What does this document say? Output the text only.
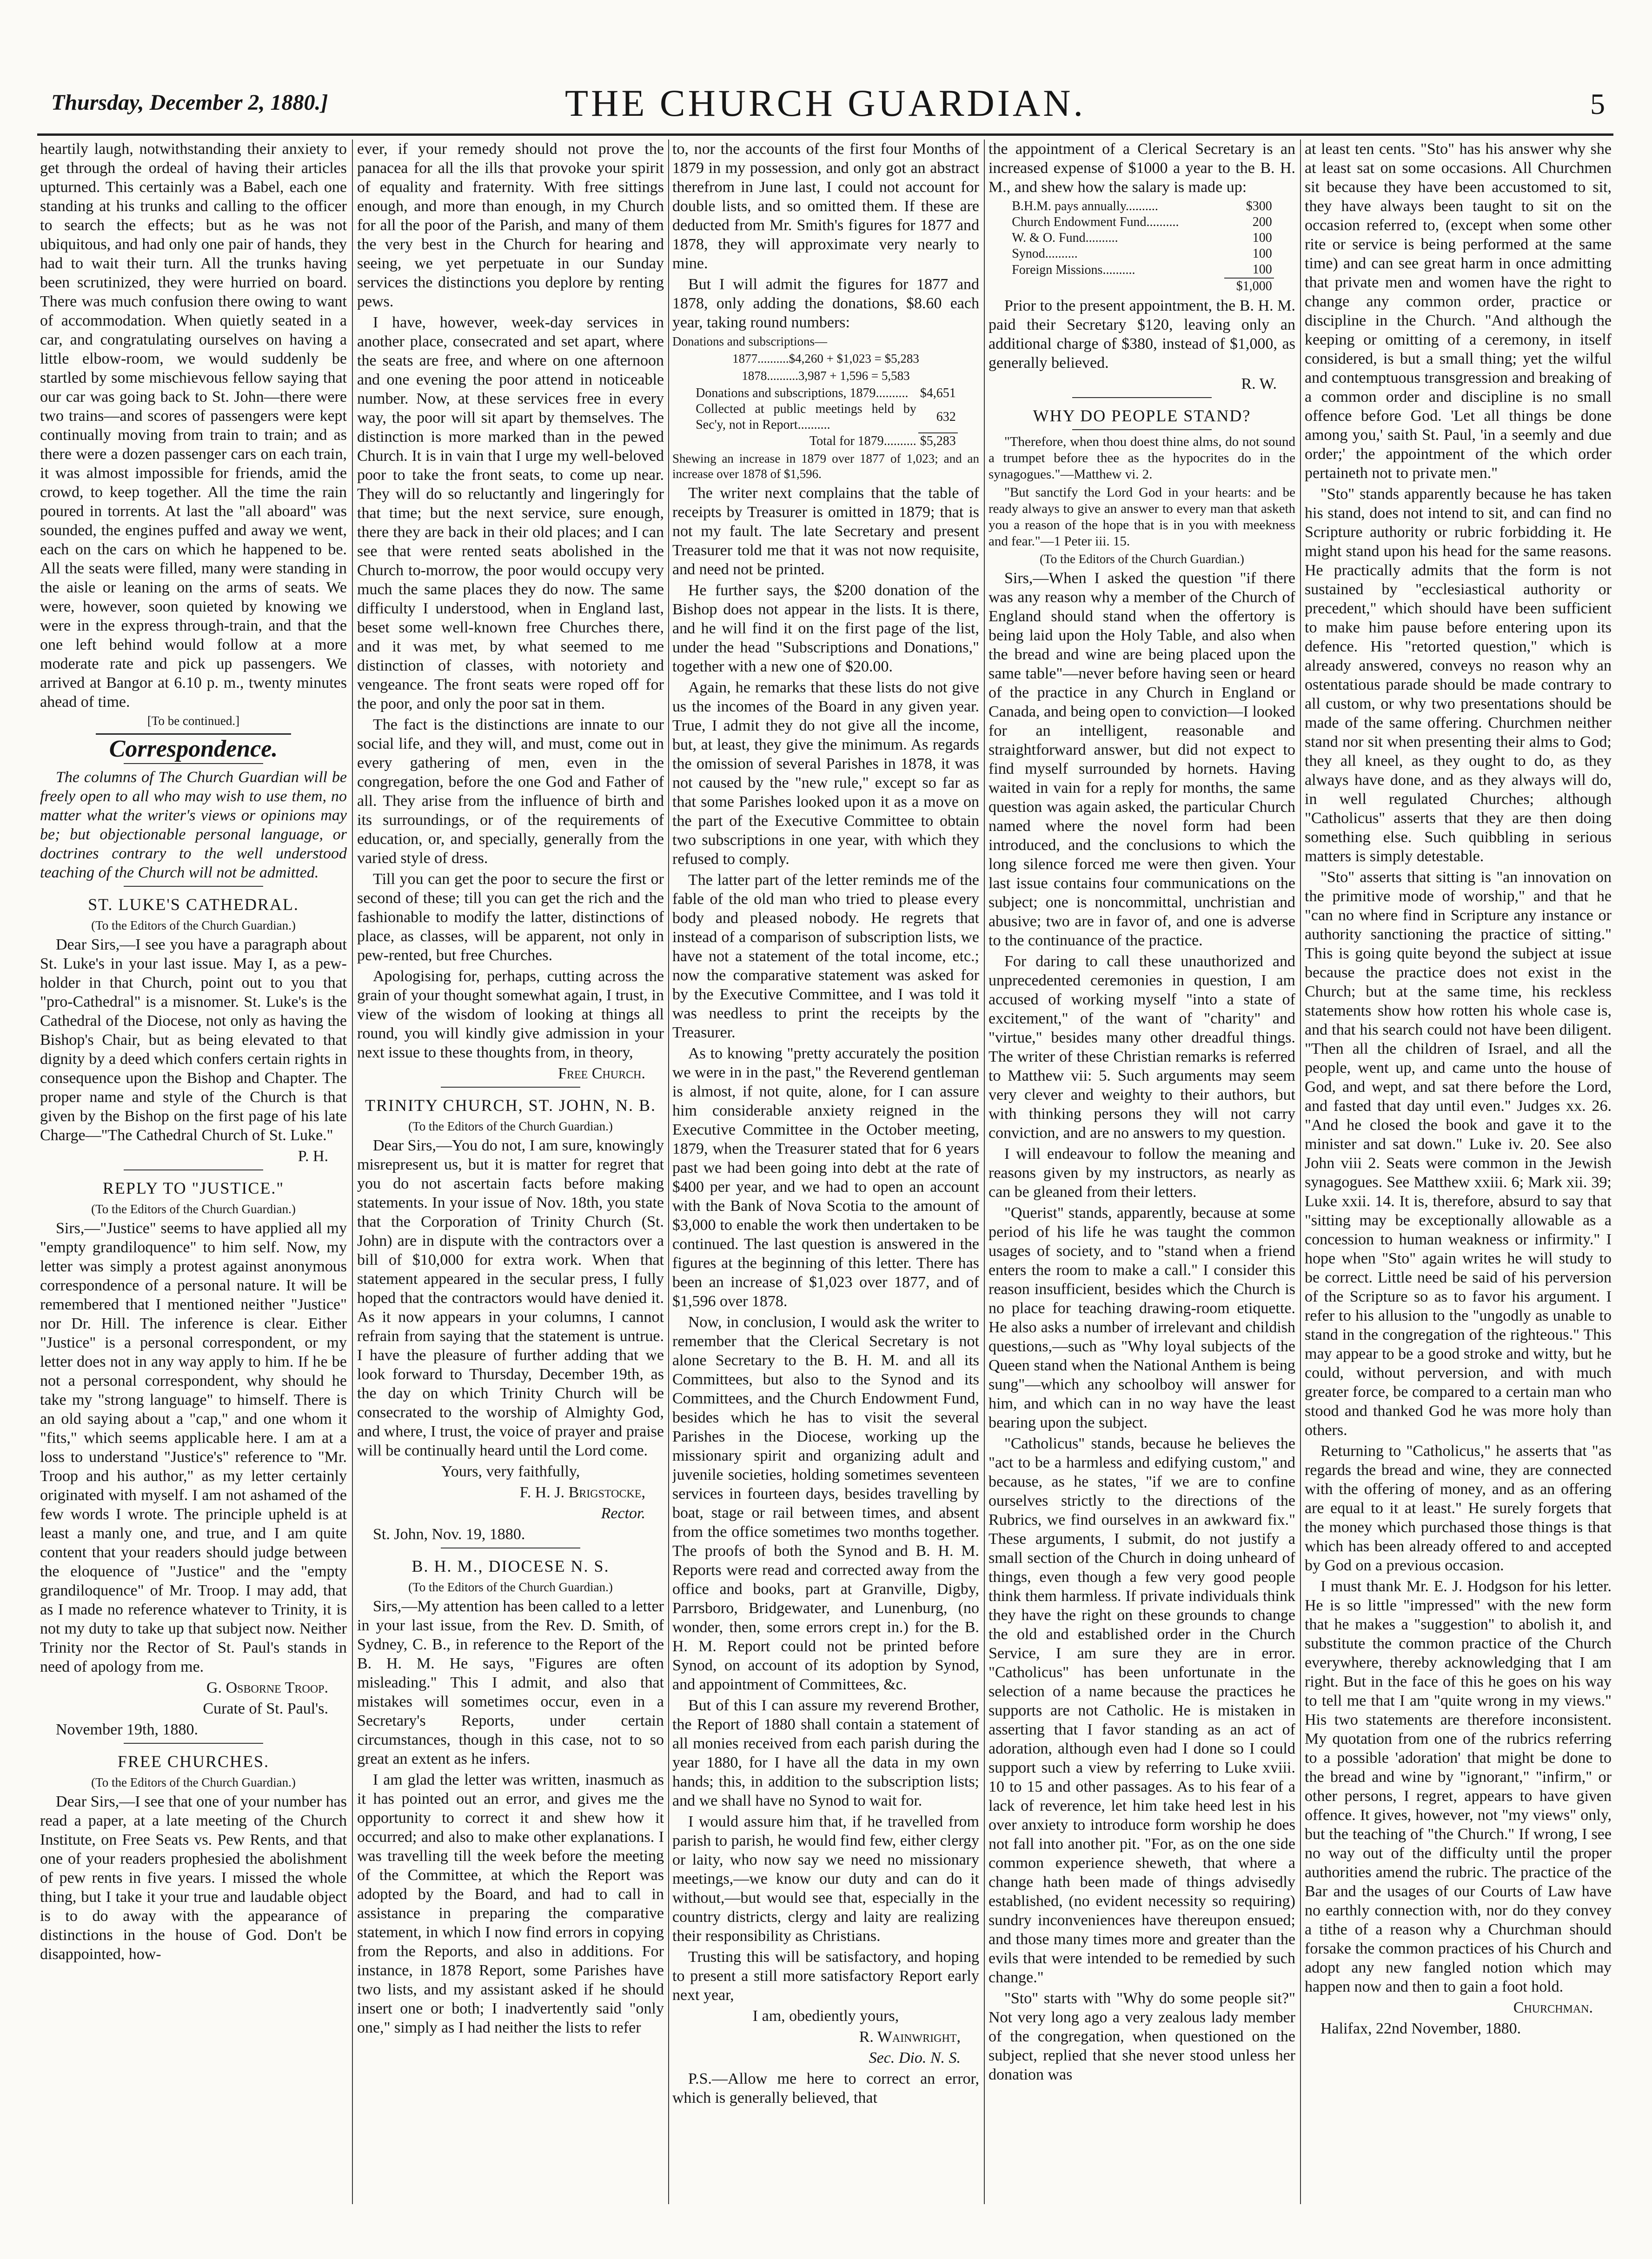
Thursday, December 2, 1880.]	THE CHURCH GUARDIAN.	5

heartily laugh, notwithstanding their anxiety to get through the ordeal of having their articles upturned. This certainly was a Babel, each one standing at his trunks and calling to the officer to search the effects; but as he was not ubiquitous, and had only one pair of hands, they had to wait their turn. All the trunks having been scrutinized, they were hurried on board. There was much confusion there owing to want of accommodation. When quietly seated in a car, and congratulating ourselves on having a little elbow-room, we would suddenly be startled by some mischievous fellow saying that our car was going back to St. John—there were two trains—and scores of passengers were kept continually moving from train to train; and as there were a dozen passenger cars on each train, it was almost impossible for friends, amid the crowd, to keep together. All the time the rain poured in torrents. At last the "all aboard" was sounded, the engines puffed and away we went, each on the cars on which he happened to be. All the seats were filled, many were standing in the aisle or leaning on the arms of seats. We were, however, soon quieted by knowing we were in the express through-train, and that the one left behind would follow at a more moderate rate and pick up passengers. We arrived at Bangor at 6.10 p. m., twenty minutes ahead of time.

[To be continued.]

Correspondence.

The columns of The Church Guardian will be freely open to all who may wish to use them, no matter what the writer's views or opinions may be; but objectionable personal language, or doctrines contrary to the well understood teaching of the Church will not be admitted.

ST. LUKE'S CATHEDRAL.

(To the Editors of the Church Guardian.)

Dear Sirs,—I see you have a paragraph about St. Luke's in your last issue. May I, as a pew-holder in that Church, point out to you that "pro-Cathedral" is a misnomer. St. Luke's is the Cathedral of the Diocese, not only as having the Bishop's Chair, but as being elevated to that dignity by a deed which confers certain rights in consequence upon the Bishop and Chapter. The proper name and style of the Church is that given by the Bishop on the first page of his late Charge—"The Cathedral Church of St. Luke."

P. H.

REPLY TO "JUSTICE."

(To the Editors of the Church Guardian.)

Sirs,—"Justice" seems to have applied all my "empty grandiloquence" to him self. Now, my letter was simply a protest against anonymous correspondence of a personal nature. It will be remembered that I mentioned neither "Justice" nor Dr. Hill. The inference is clear. Either "Justice" is a personal correspondent, or my letter does not in any way apply to him. If he be not a personal correspondent, why should he take my "strong language" to himself. There is an old saying about a "cap," and one whom it "fits," which seems applicable here. I am at a loss to understand "Justice's" reference to "Mr. Troop and his author," as my letter certainly originated with myself. I am not ashamed of the few words I wrote. The principle upheld is at least a manly one, and true, and I am quite content that your readers should judge between the eloquence of "Justice" and the "empty grandiloquence" of Mr. Troop. I may add, that as I made no reference whatever to Trinity, it is not my duty to take up that subject now. Neither Trinity nor the Rector of St. Paul's stands in need of apology from me.

G. Osborne Troop.

Curate of St. Paul's.

November 19th, 1880.

FREE CHURCHES.

(To the Editors of the Church Guardian.)

Dear Sirs,—I see that one of your number has read a paper, at a late meeting of the Church Institute, on Free Seats vs. Pew Rents, and that one of your readers prophesied the abolishment of pew rents in five years. I missed the whole thing, but I take it your true and laudable object is to do away with the appearance of distinctions in the house of God. Don't be disappointed, how-

ever, if your remedy should not prove the panacea for all the ills that provoke your spirit of equality and fraternity. With free sittings enough, and more than enough, in my Church for all the poor of the Parish, and many of them the very best in the Church for hearing and seeing, we yet perpetuate in our Sunday services the distinctions you deplore by renting pews.

I have, however, week-day services in another place, consecrated and set apart, where the seats are free, and where on one afternoon and one evening the poor attend in noticeable number. Now, at these services free in every way, the poor will sit apart by themselves. The distinction is more marked than in the pewed Church. It is in vain that I urge my well-beloved poor to take the front seats, to come up near. They will do so reluctantly and lingeringly for that time; but the next service, sure enough, there they are back in their old places; and I can see that were rented seats abolished in the Church to-morrow, the poor would occupy very much the same places they do now. The same difficulty I understood, when in England last, beset some well-known free Churches there, and it was met, by what seemed to me distinction of classes, with notoriety and vengeance. The front seats were roped off for the poor, and only the poor sat in them.

The fact is the distinctions are innate to our social life, and they will, and must, come out in every gathering of men, even in the congregation, before the one God and Father of all. They arise from the influence of birth and its surroundings, or of the requirements of education, or, and specially, generally from the varied style of dress.

Till you can get the poor to secure the first or second of these; till you can get the rich and the fashionable to modify the latter, distinctions of place, as classes, will be apparent, not only in pew-rented, but free Churches.

Apologising for, perhaps, cutting across the grain of your thought somewhat again, I trust, in view of the wisdom of looking at things all round, you will kindly give admission in your next issue to these thoughts from, in theory,

Free Church.

TRINITY CHURCH, ST. JOHN, N. B.

(To the Editors of the Church Guardian.)

Dear Sirs,—You do not, I am sure, knowingly misrepresent us, but it is matter for regret that you do not ascertain facts before making statements. In your issue of Nov. 18th, you state that the Corporation of Trinity Church (St. John) are in dispute with the contractors over a bill of $10,000 for extra work. When that statement appeared in the secular press, I fully hoped that the contractors would have denied it. As it now appears in your columns, I cannot refrain from saying that the statement is untrue. I have the pleasure of further adding that we look forward to Thursday, December 19th, as the day on which Trinity Church will be consecrated to the worship of Almighty God, and where, I trust, the voice of prayer and praise will be continually heard until the Lord come.

Yours, very faithfully,

F. H. J. Brigstocke,

Rector.

St. John, Nov. 19, 1880.

B. H. M., DIOCESE N. S.

(To the Editors of the Church Guardian.)

Sirs,—My attention has been called to a letter in your last issue, from the Rev. D. Smith, of Sydney, C. B., in reference to the Report of the B. H. M. He says, "Figures are often misleading." This I admit, and also that mistakes will sometimes occur, even in a Secretary's Reports, under certain circumstances, though in this case, not to so great an extent as he infers.

I am glad the letter was written, inasmuch as it has pointed out an error, and gives me the opportunity to correct it and shew how it occurred; and also to make other explanations. I was travelling till the week before the meeting of the Committee, at which the Report was adopted by the Board, and had to call in assistance in preparing the comparative statement, in which I now find errors in copying from the Reports, and also in additions. For instance, in 1878 Report, some Parishes have two lists, and my assistant asked if he should insert one or both; I inadvertently said "only one," simply as I had neither the lists to refer

to, nor the accounts of the first four Months of 1879 in my possession, and only got an abstract therefrom in June last, I could not account for double lists, and so omitted them. If these are deducted from Mr. Smith's figures for 1877 and 1878, they will approximate very nearly to mine.

But I will admit the figures for 1877 and 1878, only adding the donations, $8.60 each year, taking round numbers:

Donations and subscriptions—

1877..........$4,260 + $1,023 = $5,283

1878..........3,987 + 1,596 = 5,583

Donations and subscriptions, 1879..........	$4,651
Collected at public meetings held by Sec'y, not in Report..........	632
Total for 1879..........	$5,283

Shewing an increase in 1879 over 1877 of 1,023; and an increase over 1878 of $1,596.

The writer next complains that the table of receipts by Treasurer is omitted in 1879; that is not my fault. The late Secretary and present Treasurer told me that it was not now requisite, and need not be printed.

He further says, the $200 donation of the Bishop does not appear in the lists. It is there, and he will find it on the first page of the list, under the head "Subscriptions and Donations," together with a new one of $20.00.

Again, he remarks that these lists do not give us the incomes of the Board in any given year. True, I admit they do not give all the income, but, at least, they give the minimum. As regards the omission of several Parishes in 1878, it was not caused by the "new rule," except so far as that some Parishes looked upon it as a move on the part of the Executive Committee to obtain two subscriptions in one year, with which they refused to comply.

The latter part of the letter reminds me of the fable of the old man who tried to please every body and pleased nobody. He regrets that instead of a comparison of subscription lists, we have not a statement of the total income, etc.; now the comparative statement was asked for by the Executive Committee, and I was told it was needless to print the receipts by the Treasurer.

As to knowing "pretty accurately the position we were in in the past," the Reverend gentleman is almost, if not quite, alone, for I can assure him considerable anxiety reigned in the Executive Committee in the October meeting, 1879, when the Treasurer stated that for 6 years past we had been going into debt at the rate of $400 per year, and we had to open an account with the Bank of Nova Scotia to the amount of $3,000 to enable the work then undertaken to be continued. The last question is answered in the figures at the beginning of this letter. There has been an increase of $1,023 over 1877, and of $1,596 over 1878.

Now, in conclusion, I would ask the writer to remember that the Clerical Secretary is not alone Secretary to the B. H. M. and all its Committees, but also to the Synod and its Committees, and the Church Endowment Fund, besides which he has to visit the several Parishes in the Diocese, working up the missionary spirit and organizing adult and juvenile societies, holding sometimes seventeen services in fourteen days, besides travelling by boat, stage or rail between times, and absent from the office sometimes two months together. The proofs of both the Synod and B. H. M. Reports were read and corrected away from the office and books, part at Granville, Digby, Parrsboro, Bridgewater, and Lunenburg, (no wonder, then, some errors crept in.) for the B. H. M. Report could not be printed before Synod, on account of its adoption by Synod, and appointment of Committees, &c.

But of this I can assure my reverend Brother, the Report of 1880 shall contain a statement of all monies received from each parish during the year 1880, for I have all the data in my own hands; this, in addition to the subscription lists; and we shall have no Synod to wait for.

I would assure him that, if he travelled from parish to parish, he would find few, either clergy or laity, who now say we need no missionary meetings,—we know our duty and can do it without,—but would see that, especially in the country districts, clergy and laity are realizing their responsibility as Christians.

Trusting this will be satisfactory, and hoping to present a still more satisfactory Report early next year,

I am, obediently yours,

R. Wainwright,

Sec. Dio. N. S.

P.S.—Allow me here to correct an error, which is generally believed, that

the appointment of a Clerical Secretary is an increased expense of $1000 a year to the B. H. M., and shew how the salary is made up:

B.H.M. pays annually..........	$300
Church Endowment Fund..........	200
W. & O. Fund..........	100
Synod..........	100
Foreign Missions..........	100
	$1,000

Prior to the present appointment, the B. H. M. paid their Secretary $120, leaving only an additional charge of $380, instead of $1,000, as generally believed.

R. W.

WHY DO PEOPLE STAND?

"Therefore, when thou doest thine alms, do not sound a trumpet before thee as the hypocrites do in the synagogues."—Matthew vi. 2.

"But sanctify the Lord God in your hearts: and be ready always to give an answer to every man that asketh you a reason of the hope that is in you with meekness and fear."—1 Peter iii. 15.

(To the Editors of the Church Guardian.)

Sirs,—When I asked the question "if there was any reason why a member of the Church of England should stand when the offertory is being laid upon the Holy Table, and also when the bread and wine are being placed upon the same table"—never before having seen or heard of the practice in any Church in England or Canada, and being open to conviction—I looked for an intelligent, reasonable and straightforward answer, but did not expect to find myself surrounded by hornets. Having waited in vain for a reply for months, the same question was again asked, the particular Church named where the novel form had been introduced, and the conclusions to which the long silence forced me were then given. Your last issue contains four communications on the subject; one is noncommittal, unchristian and abusive; two are in favor of, and one is adverse to the continuance of the practice.

For daring to call these unauthorized and unprecedented ceremonies in question, I am accused of working myself "into a state of excitement," of the want of "charity" and "virtue," besides many other dreadful things. The writer of these Christian remarks is referred to Matthew vii: 5. Such arguments may seem very clever and weighty to their authors, but with thinking persons they will not carry conviction, and are no answers to my question.

I will endeavour to follow the meaning and reasons given by my instructors, as nearly as can be gleaned from their letters.

"Querist" stands, apparently, because at some period of his life he was taught the common usages of society, and to "stand when a friend enters the room to make a call." I consider this reason insufficient, besides which the Church is no place for teaching drawing-room etiquette. He also asks a number of irrelevant and childish questions,—such as "Why loyal subjects of the Queen stand when the National Anthem is being sung"—which any schoolboy will answer for him, and which can in no way have the least bearing upon the subject.

"Catholicus" stands, because he believes the "act to be a harmless and edifying custom," and because, as he states, "if we are to confine ourselves strictly to the directions of the Rubrics, we find ourselves in an awkward fix." These arguments, I submit, do not justify a small section of the Church in doing unheard of things, even though a few very good people think them harmless. If private individuals think they have the right on these grounds to change the old and established order in the Church Service, I am sure they are in error. "Catholicus" has been unfortunate in the selection of a name because the practices he supports are not Catholic. He is mistaken in asserting that I favor standing as an act of adoration, although even had I done so I could support such a view by referring to Luke xviii. 10 to 15 and other passages. As to his fear of a lack of reverence, let him take heed lest in his over anxiety to introduce form worship he does not fall into another pit. "For, as on the one side common experience sheweth, that where a change hath been made of things advisedly established, (no evident necessity so requiring) sundry inconveniences have thereupon ensued; and those many times more and greater than the evils that were intended to be remedied by such change."

"Sto" starts with "Why do some people sit?" Not very long ago a very zealous lady member of the congregation, when questioned on the subject, replied that she never stood unless her donation was

at least ten cents. "Sto" has his answer why she at least sat on some occasions. All Churchmen sit because they have been accustomed to sit, they have always been taught to sit on the occasion referred to, (except when some other rite or service is being performed at the same time) and can see great harm in once admitting that private men and women have the right to change any common order, practice or discipline in the Church. "And although the keeping or omitting of a ceremony, in itself considered, is but a small thing; yet the wilful and contemptuous transgression and breaking of a common order and discipline is no small offence before God. 'Let all things be done among you,' saith St. Paul, 'in a seemly and due order;' the appointment of the which order pertaineth not to private men."

"Sto" stands apparently because he has taken his stand, does not intend to sit, and can find no Scripture authority or rubric forbidding it. He might stand upon his head for the same reasons. He practically admits that the form is not sustained by "ecclesiastical authority or precedent," which should have been sufficient to make him pause before entering upon its defence. His "retorted question," which is already answered, conveys no reason why an ostentatious parade should be made contrary to all custom, or why two presentations should be made of the same offering. Churchmen neither stand nor sit when presenting their alms to God; they all kneel, as they ought to do, as they always have done, and as they always will do, in well regulated Churches; although "Catholicus" asserts that they are then doing something else. Such quibbling in serious matters is simply detestable.

"Sto" asserts that sitting is "an innovation on the primitive mode of worship," and that he "can no where find in Scripture any instance or authority sanctioning the practice of sitting." This is going quite beyond the subject at issue because the practice does not exist in the Church; but at the same time, his reckless statements show how rotten his whole case is, and that his search could not have been diligent. "Then all the children of Israel, and all the people, went up, and came unto the house of God, and wept, and sat there before the Lord, and fasted that day until even." Judges xx. 26. "And he closed the book and gave it to the minister and sat down." Luke iv. 20. See also John viii 2. Seats were common in the Jewish synagogues. See Matthew xxiii. 6; Mark xii. 39; Luke xxii. 14. It is, therefore, absurd to say that "sitting may be exceptionally allowable as a concession to human weakness or infirmity." I hope when "Sto" again writes he will study to be correct. Little need be said of his perversion of the Scripture so as to favor his argument. I refer to his allusion to the "ungodly as unable to stand in the congregation of the righteous." This may appear to be a good stroke and witty, but he could, without perversion, and with much greater force, be compared to a certain man who stood and thanked God he was more holy than others.

Returning to "Catholicus," he asserts that "as regards the bread and wine, they are connected with the offering of money, and as an offering are equal to it at least." He surely forgets that the money which purchased those things is that which has been already offered to and accepted by God on a previous occasion.

I must thank Mr. E. J. Hodgson for his letter. He is so little "impressed" with the new form that he makes a "suggestion" to abolish it, and substitute the common practice of the Church everywhere, thereby acknowledging that I am right. But in the face of this he goes on his way to tell me that I am "quite wrong in my views." His two statements are therefore inconsistent. My quotation from one of the rubrics referring to a possible 'adoration' that might be done to the bread and wine by "ignorant," "infirm," or other persons, I regret, appears to have given offence. It gives, however, not "my views" only, but the teaching of "the Church." If wrong, I see no way out of the difficulty until the proper authorities amend the rubric. The practice of the Bar and the usages of our Courts of Law have no earthly connection with, nor do they convey a tithe of a reason why a Churchman should forsake the common practices of his Church and adopt any new fangled notion which may happen now and then to gain a foot hold.

Churchman.

Halifax, 22nd November, 1880.
